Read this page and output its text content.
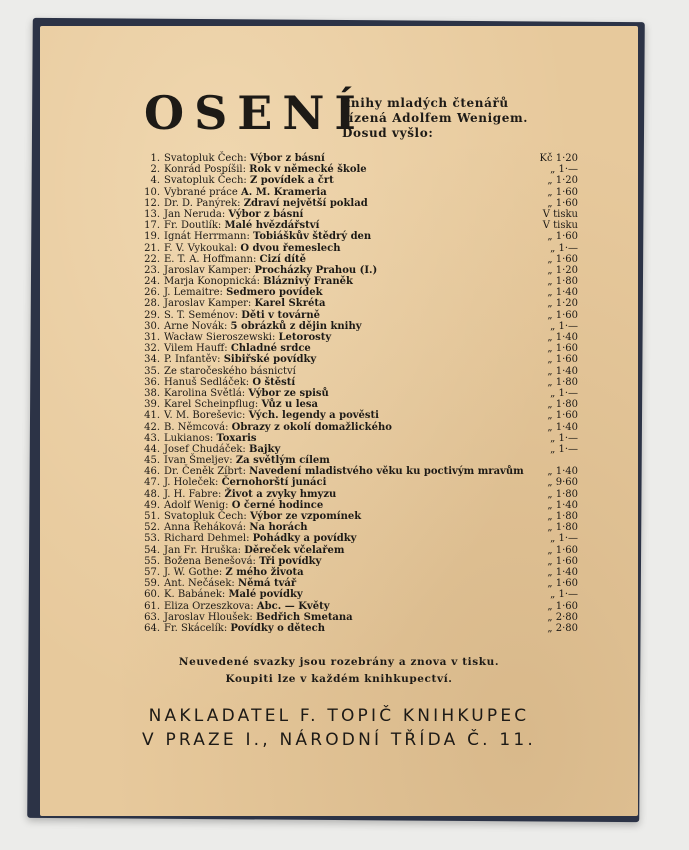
OSENÍ
knihy mladých čtenářů
řízená Adolfem Wenigem.
Dosud vyšlo:
1. Svatopluk Čech: Výbor z básní	Kč 1·20
2. Konrád Pospíšil: Rok v německé škole	„ 1·—
4. Svatopluk Čech: Z povídek a črt	„ 1·20
10. Vybrané práce A. M. Krameria	„ 1·60
12. Dr. D. Panýrek: Zdraví největší poklad	„ 1·60
13. Jan Neruda: Výbor z básní	V tisku
17. Fr. Doutlík: Malé hvězdářství	V tisku
19. Ignát Herrmann: Tobiáškův štědrý den	„ 1·60
21. F. V. Vykoukal: O dvou řemeslech	„ 1·—
22. E. T. A. Hoffmann: Cizí dítě	„ 1·60
23. Jaroslav Kamper: Procházky Prahou (I.)	„ 1·20
24. Marja Konopnická: Bláznivý Franěk	„ 1·80
26. J. Lemaitre: Sedmero povídek	„ 1·40
28. Jaroslav Kamper: Karel Skréta	„ 1·20
29. S. T. Seménov: Děti v továrně	„ 1·60
30. Arne Novák: 5 obrázků z dějin knihy	„ 1·—
31. Wacław Sieroszewski: Letorosty	„ 1·40
32. Vilem Hauff: Chladné srdce	„ 1·60
34. P. Infantěv: Sibiřské povídky	„ 1·60
35. Ze staročeského básnictví	„ 1·40
36. Hanuš Sedláček: O štěstí	„ 1·80
38. Karolina Světlá: Výbor ze spisů	„ 1·—
39. Karel Scheinpflug: Vůz u lesa	„ 1·80
41. V. M. Boreševic: Vých. legendy a pověsti	„ 1·60
42. B. Němcová: Obrazy z okolí domažlického	„ 1·40
43. Lukianos: Toxaris	„ 1·—
44. Josef Chudáček: Bajky	„ 1·—
45. Ivan Šmeljev: Za světlým cílem
46. Dr. Čeněk Zíbrt: Navedení mladistvého věku ku poctivým mravům	„ 1·40
47. J. Holeček: Černohorští junáci	„ 9·60
48. J. H. Fabre: Život a zvyky hmyzu	„ 1·80
49. Adolf Wenig: O černé hodince	„ 1·40
51. Svatopluk Čech: Výbor ze vzpomínek	„ 1·80
52. Anna Řeháková: Na horách	„ 1·80
53. Richard Dehmel: Pohádky a povídky	„ 1·—
54. Jan Fr. Hruška: Děreček včelařem	„ 1·60
55. Božena Benešová: Tři povídky	„ 1·60
57. J. W. Gothe: Z mého života	„ 1·40
59. Ant. Nečásek: Němá tvář	„ 1·60
60. K. Babánek: Malé povídky	„ 1·—
61. Eliza Orzeszkova: Abc. — Květy	„ 1·60
63. Jaroslav Hloušek: Bedřich Smetana	„ 2·80
64. Fr. Skácelík: Povídky o dětech	„ 2·80
Neuvedené svazky jsou rozebrány a znova v tisku.
Koupiti lze v každém knihkupectví.
NAKLADATEL F. TOPIČ KNIHKUPEC
V PRAZE I., NÁRODNÍ TŘÍDA Č. 11.
